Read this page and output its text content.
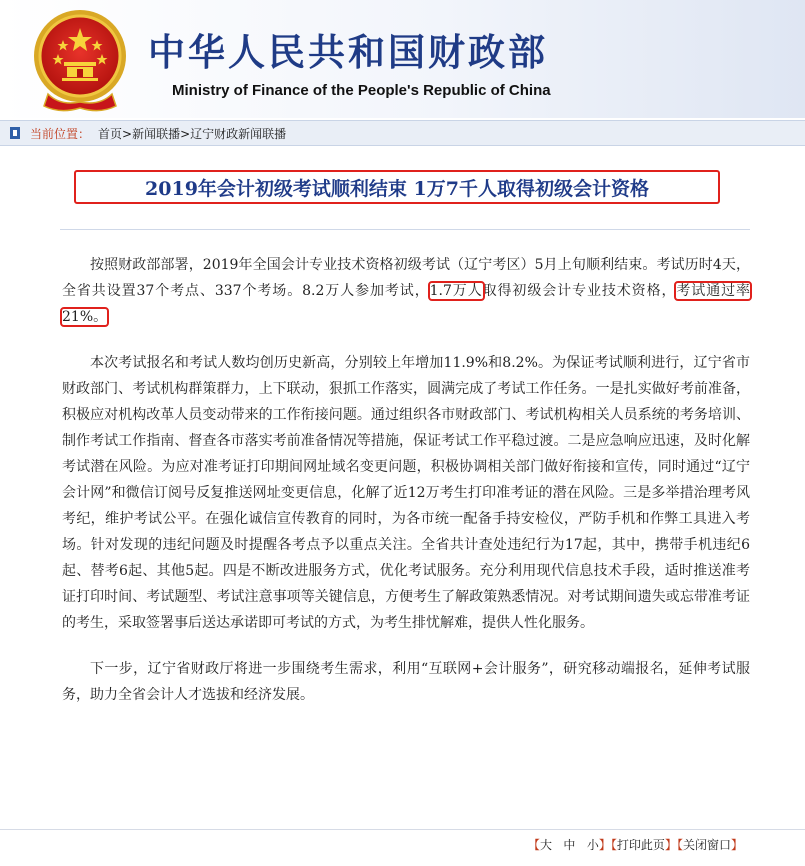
中华人民共和国财政部
Ministry of Finance of the People's Republic of China
当前位置： 首页>新闻联播>辽宁财政新闻联播
2019年会计初级考试顺利结束 1万7千人取得初级会计资格

按照财政部部署，2019年全国会计专业技术资格初级考试（辽宁考区）5月上旬顺利结束。考试历时4天，全省共设置37个考点、337个考场。8.2万人参加考试，1.7万人取得初级会计专业技术资格，考试通过率21%。

本次考试报名和考试人数均创历史新高，分别较上年增加11.9%和8.2%。为保证考试顺利进行，辽宁省市财政部门、考试机构群策群力，上下联动，狠抓工作落实，圆满完成了考试工作任务。一是扎实做好考前准备，积极应对机构改革人员变动带来的工作衔接问题。通过组织各市财政部门、考试机构相关人员系统的考务培训、制作考试工作指南、督查各市落实考前准备情况等措施，保证考试工作平稳过渡。二是应急响应迅速，及时化解考试潜在风险。为应对准考证打印期间网址域名变更问题，积极协调相关部门做好衔接和宣传，同时通过“辽宁会计网”和微信订阅号反复推送网址变更信息，化解了近12万考生打印准考证的潜在风险。三是多举措治理考风考纪，维护考试公平。在强化诚信宣传教育的同时，为各市统一配备手持安检仪，严防手机和作弊工具进入考场。针对发现的违纪问题及时提醒各考点予以重点关注。全省共计查处违纪行为17起，其中，携带手机违纪6起、替考6起、其他5起。四是不断改进服务方式，优化考试服务。充分利用现代信息技术手段，适时推送准考证打印时间、考试题型、考试注意事项等关键信息，方便考生了解政策熟悉情况。对考试期间遗失或忘带准考证的考生，采取签署事后送达承诺即可考试的方式，为考生排忧解难，提供人性化服务。

下一步，辽宁省财政厅将进一步围绕考生需求，利用“互联网+会计服务”，研究移动端报名，延伸考试服务，助力全省会计人才选拔和经济发展。

【大 中 小】【打印此页】【关闭窗口】
